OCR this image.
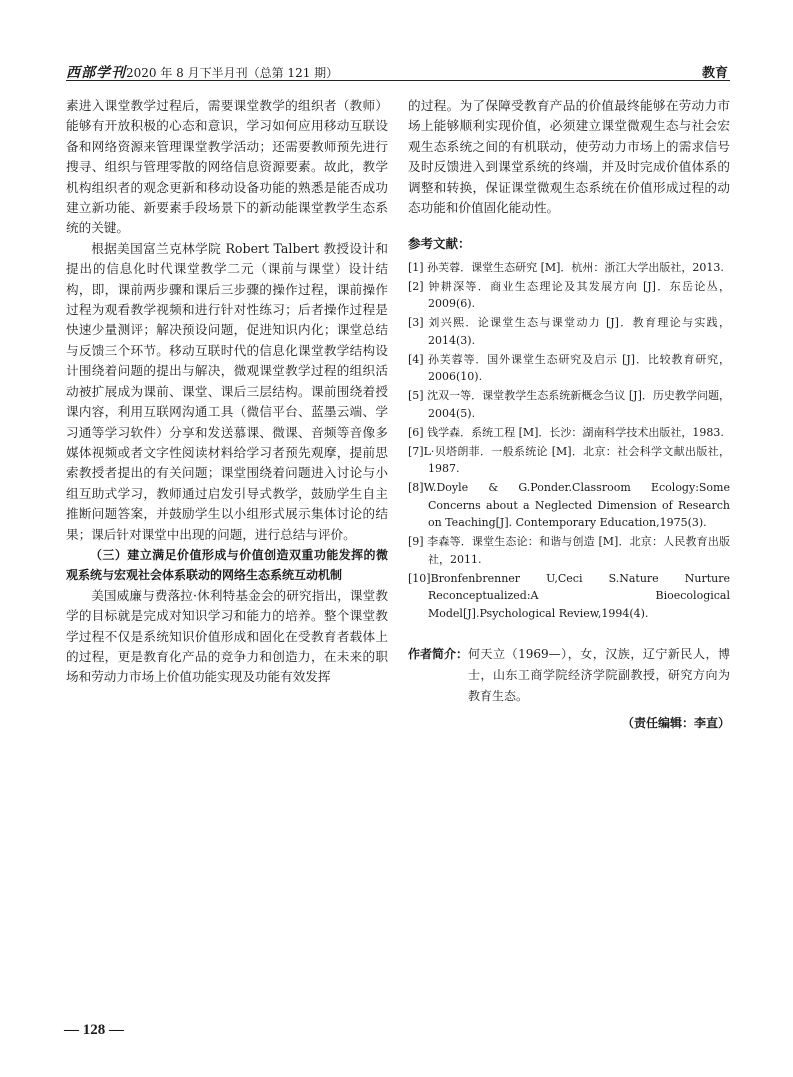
西部学刊2020 年 8 月下半月刊（总第 121 期）	教育

素进入课堂教学过程后，需要课堂教学的组织者（教师）能够有开放积极的心态和意识，学习如何应用移动互联设备和网络资源来管理课堂教学活动；还需要教师预先进行搜寻、组织与管理零散的网络信息资源要素。故此，教学机构组织者的观念更新和移动设备功能的熟悉是能否成功建立新功能、新要素手段场景下的新动能课堂教学生态系统的关键。

根据美国富兰克林学院 Robert Talbert 教授设计和提出的信息化时代课堂教学二元（课前与课堂）设计结构，即，课前两步骤和课后三步骤的操作过程，课前操作过程为观看教学视频和进行针对性练习；后者操作过程是快速少量测评；解决预设问题，促进知识内化；课堂总结与反馈三个环节。移动互联时代的信息化课堂教学结构设计围绕着问题的提出与解决，微观课堂教学过程的组织活动被扩展成为课前、课堂、课后三层结构。课前围绕着授课内容，利用互联网沟通工具（微信平台、蓝墨云端、学习通等学习软件）分享和发送慕课、微课、音频等音像多媒体视频或者文字性阅读材料给学习者预先观摩，提前思索教授者提出的有关问题；课堂围绕着问题进入讨论与小组互助式学习，教师通过启发引导式教学，鼓励学生自主推断问题答案，并鼓励学生以小组形式展示集体讨论的结果；课后针对课堂中出现的问题，进行总结与评价。

（三）建立满足价值形成与价值创造双重功能发挥的微观系统与宏观社会体系联动的网络生态系统互动机制

美国威廉与费落拉·休利特基金会的研究指出，课堂教学的目标就是完成对知识学习和能力的培养。整个课堂教学过程不仅是系统知识价值形成和固化在受教育者载体上的过程，更是教育化产品的竞争力和创造力，在未来的职场和劳动力市场上价值功能实现及功能有效发挥

的过程。为了保障受教育产品的价值最终能够在劳动力市场上能够顺利实现价值，必须建立课堂微观生态与社会宏观生态系统之间的有机联动，使劳动力市场上的需求信号及时反馈进入到课堂系统的终端，并及时完成价值体系的调整和转换，保证课堂微观生态系统在价值形成过程的动态功能和价值固化能动性。

参考文献：
[1] 孙芙蓉．课堂生态研究 [M]．杭州：浙江大学出版社，2013.
[2] 钟耕深等．商业生态理论及其发展方向 [J]．东岳论丛，2009(6).
[3] 刘兴熙．论课堂生态与课堂动力 [J]．教育理论与实践，2014(3).
[4] 孙芙蓉等．国外课堂生态研究及启示 [J]．比较教育研究，2006(10).
[5] 沈双一等．课堂教学生态系统新概念刍议 [J]．历史教学问题，2004(5).
[6] 钱学森．系统工程 [M]．长沙：湖南科学技术出版社，1983.
[7]L·贝塔朗菲．一般系统论 [M]．北京：社会科学文献出版社，1987.
[8]W.Doyle & G.Ponder.Classroom Ecology:Some Concerns about a Neglected Dimension of Research on Teaching[J]. Contemporary Education,1975(3).
[9] 李森等．课堂生态论：和谐与创造 [M]．北京：人民教育出版社，2011.
[10]Bronfenbrenner U,Ceci S.Nature Nurture Reconceptualized:A Bioecological Model[J].Psychological Review,1994(4).
作者简介： 何天立（1969—），女，汉族，辽宁新民人，博士，山东工商学院经济学院副教授，研究方向为教育生态。
（责任编辑：李直）
— 128 —
